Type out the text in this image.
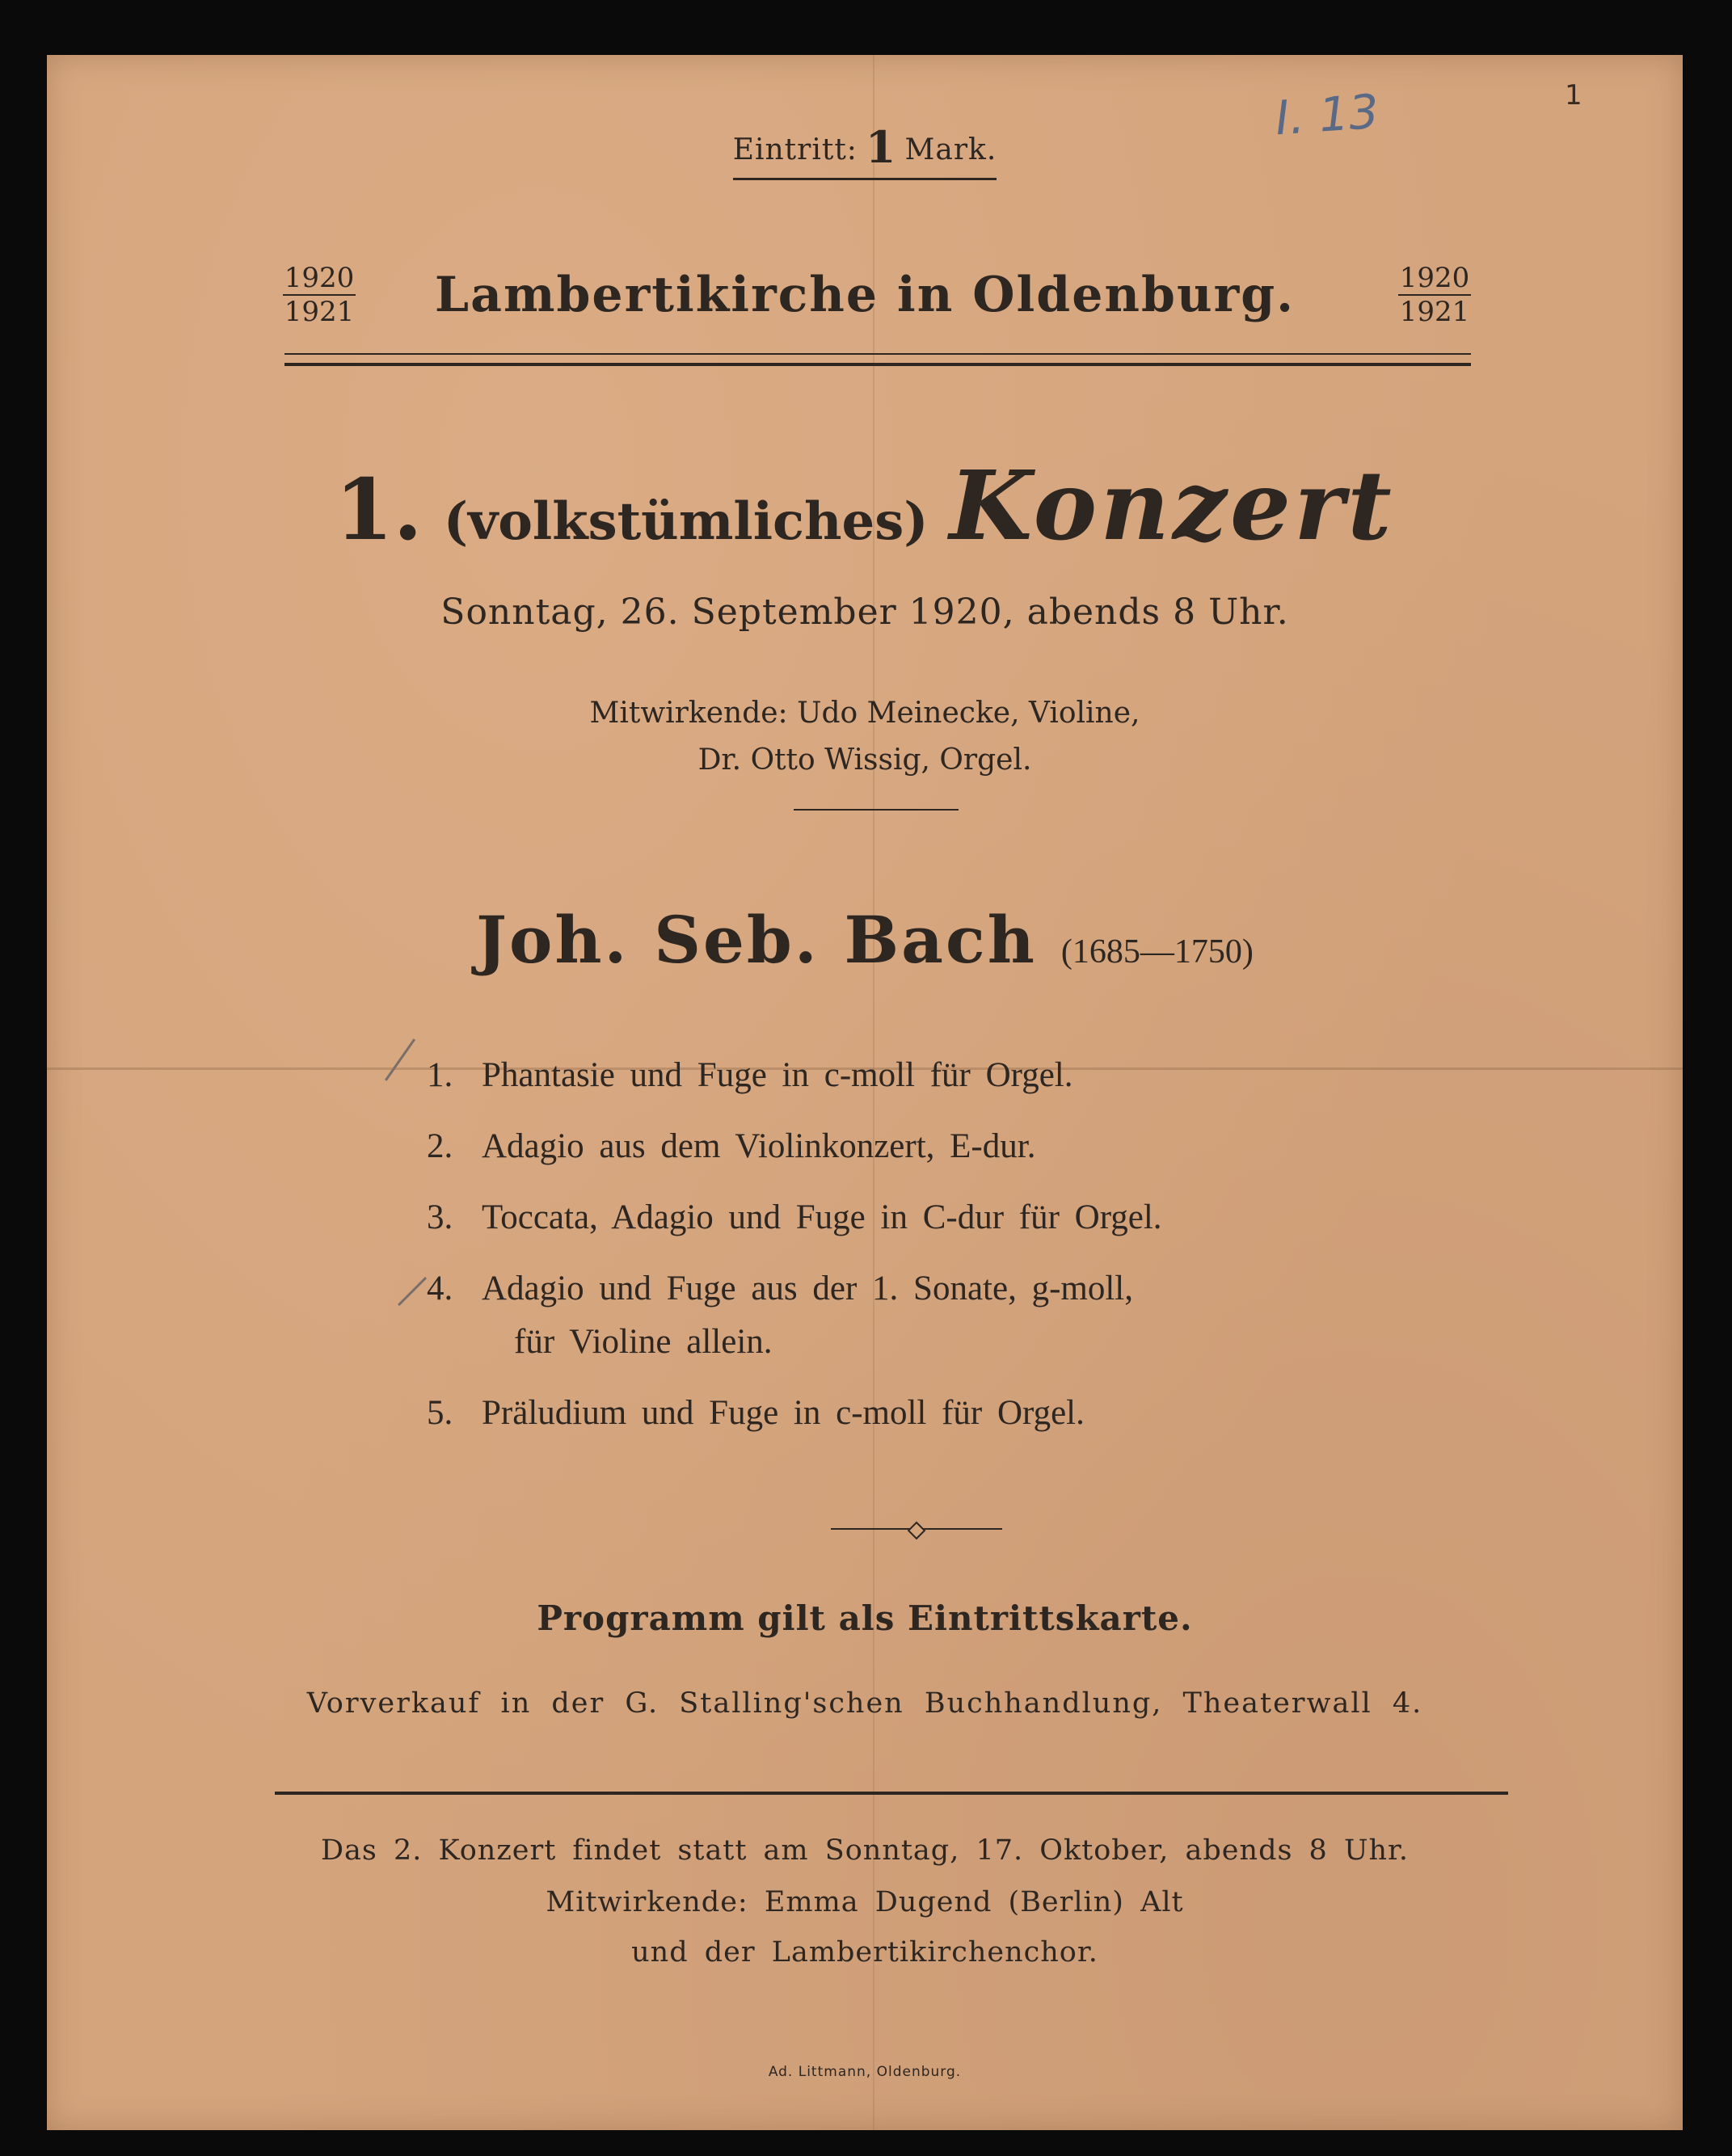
Eintritt: 1 Mark.
I. 13	1
1920
1921	Lambertikirche in Oldenburg.	1920
1921
1. (volkstümliches) Konzert
Sonntag, 26. September 1920, abends 8 Uhr.
Mitwirkende: Udo Meinecke, Violine,
Dr. Otto Wissig, Orgel.
Joh. Seb. Bach (1685—1750)
1. Phantasie und Fuge in c-moll für Orgel.
2. Adagio aus dem Violinkonzert, E-dur.
3. Toccata, Adagio und Fuge in C-dur für Orgel.
4. Adagio und Fuge aus der 1. Sonate, g-moll,
für Violine allein.
5. Präludium und Fuge in c-moll für Orgel.
Programm gilt als Eintrittskarte.
Vorverkauf in der G. Stalling'schen Buchhandlung, Theaterwall 4.
Das 2. Konzert findet statt am Sonntag, 17. Oktober, abends 8 Uhr.
Mitwirkende: Emma Dugend (Berlin) Alt
und der Lambertikirchenchor.
Ad. Littmann, Oldenburg.
